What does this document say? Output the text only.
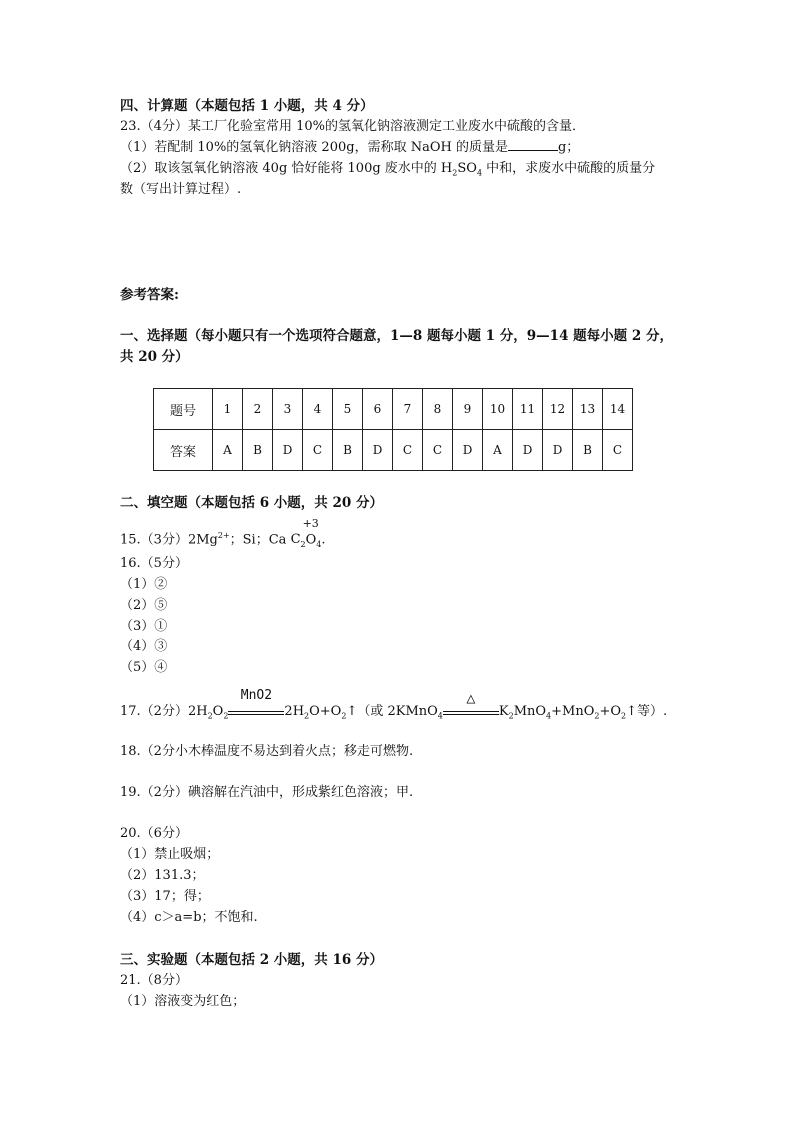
四、计算题（本题包括 1 小题，共 4 分）
23.（4分）某工厂化验室常用 10%的氢氧化钠溶液测定工业废水中硫酸的含量．
（1）若配制 10%的氢氧化钠溶液 200g，需称取 NaOH 的质量是	g；
（2）取该氢氧化钠溶液 40g 恰好能将 100g 废水中的 $H_2SO_4$ 中和，求废水中硫酸的质量分
数（写出计算过程）.
参考答案:
一、选择题（每小题只有一个选项符合题意，1—8 题每小题 1 分，9—14 题每小题 2 分，
共 20 分）
题号	1	2	3	4	5	6	7	8	9	10	11	12	13	14
答案	A	B	D	C	B	D	C	C	D	A	D	D	B	C
二、填空题（本题包括 6 小题，共 20 分）
15.（3分）$2Mg^{2+}$；Si；Ca
+3
$C_2O_4$.
16.（5分）
（1）②
（2）⑤
（3）①
（4）③
（5）④
17.（2分）$2H_2O_2$
MnO2
$2H_2O+O_2↑$（或 2KMnO$_4$
△
$K_2MnO_4+MnO_2+O_2↑$等）.
18.（2分小木棒温度不易达到着火点；移走可燃物.
19.（2分）碘溶解在汽油中，形成紫红色溶液；甲.
20.（6分）
（1）禁止吸烟；
（2）131.3；
（3）17；得；
（4）c＞a=b；不饱和.
三、实验题（本题包括 2 小题，共 16 分）
21.（8分）
（1）溶液变为红色；
